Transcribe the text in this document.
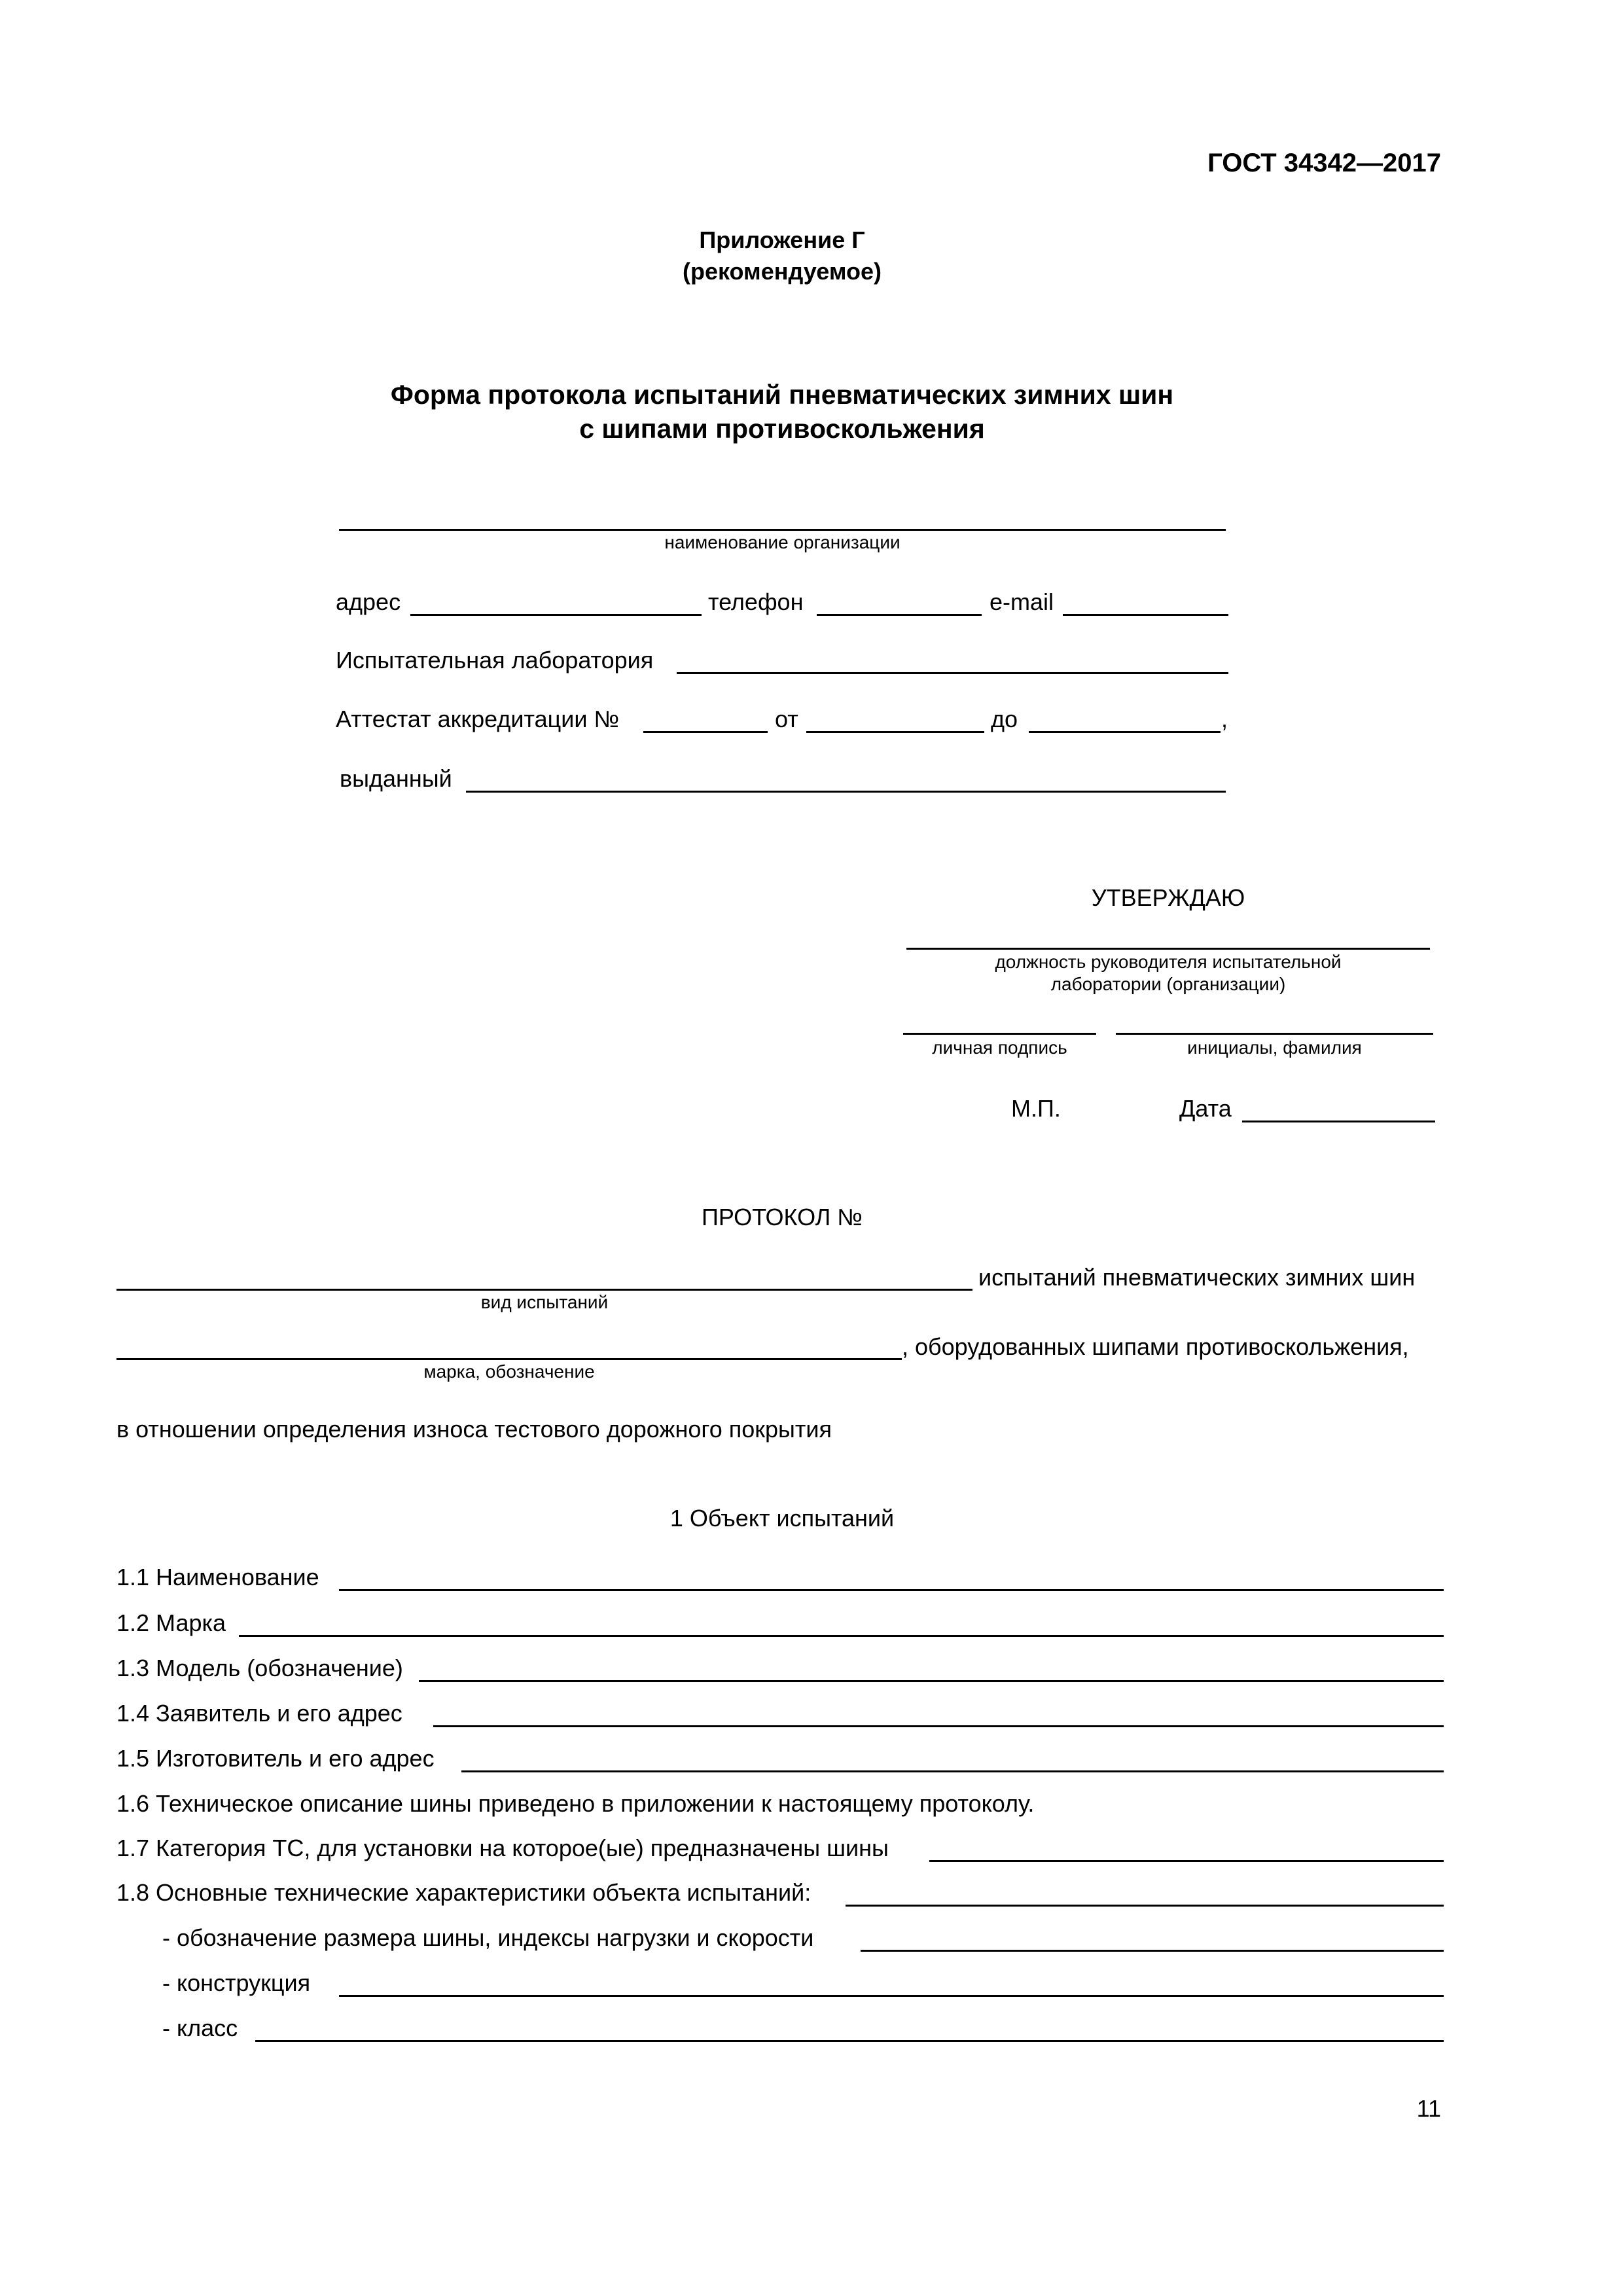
ГОСТ 34342—2017
Приложение Г
(рекомендуемое)
Форма протокола испытаний пневматических зимних шин
с шипами противоскольжения
наименование организации
адрес	телефон	e-mail
Испытательная лаборатория
Аттестат аккредитации №	от	до	,
выданный
УТВЕРЖДАЮ
должность руководителя испытательной
лаборатории (организации)
личная подпись	инициалы, фамилия
М.П.	Дата
ПРОТОКОЛ №
испытаний пневматических зимних шин
вид испытаний
, оборудованных шипами противоскольжения,
марка, обозначение
в отношении определения износа тестового дорожного покрытия
1 Объект испытаний
1.1 Наименование
1.2 Марка
1.3 Модель (обозначение)
1.4 Заявитель и его адрес
1.5 Изготовитель и его адрес
1.6 Техническое описание шины приведено в приложении к настоящему протоколу.
1.7 Категория ТС, для установки на котороe(ые) предназначены шины
1.8 Основные технические характеристики объекта испытаний:
- обозначение размера шины, индексы нагрузки и скорости
- конструкция
- класс
11
